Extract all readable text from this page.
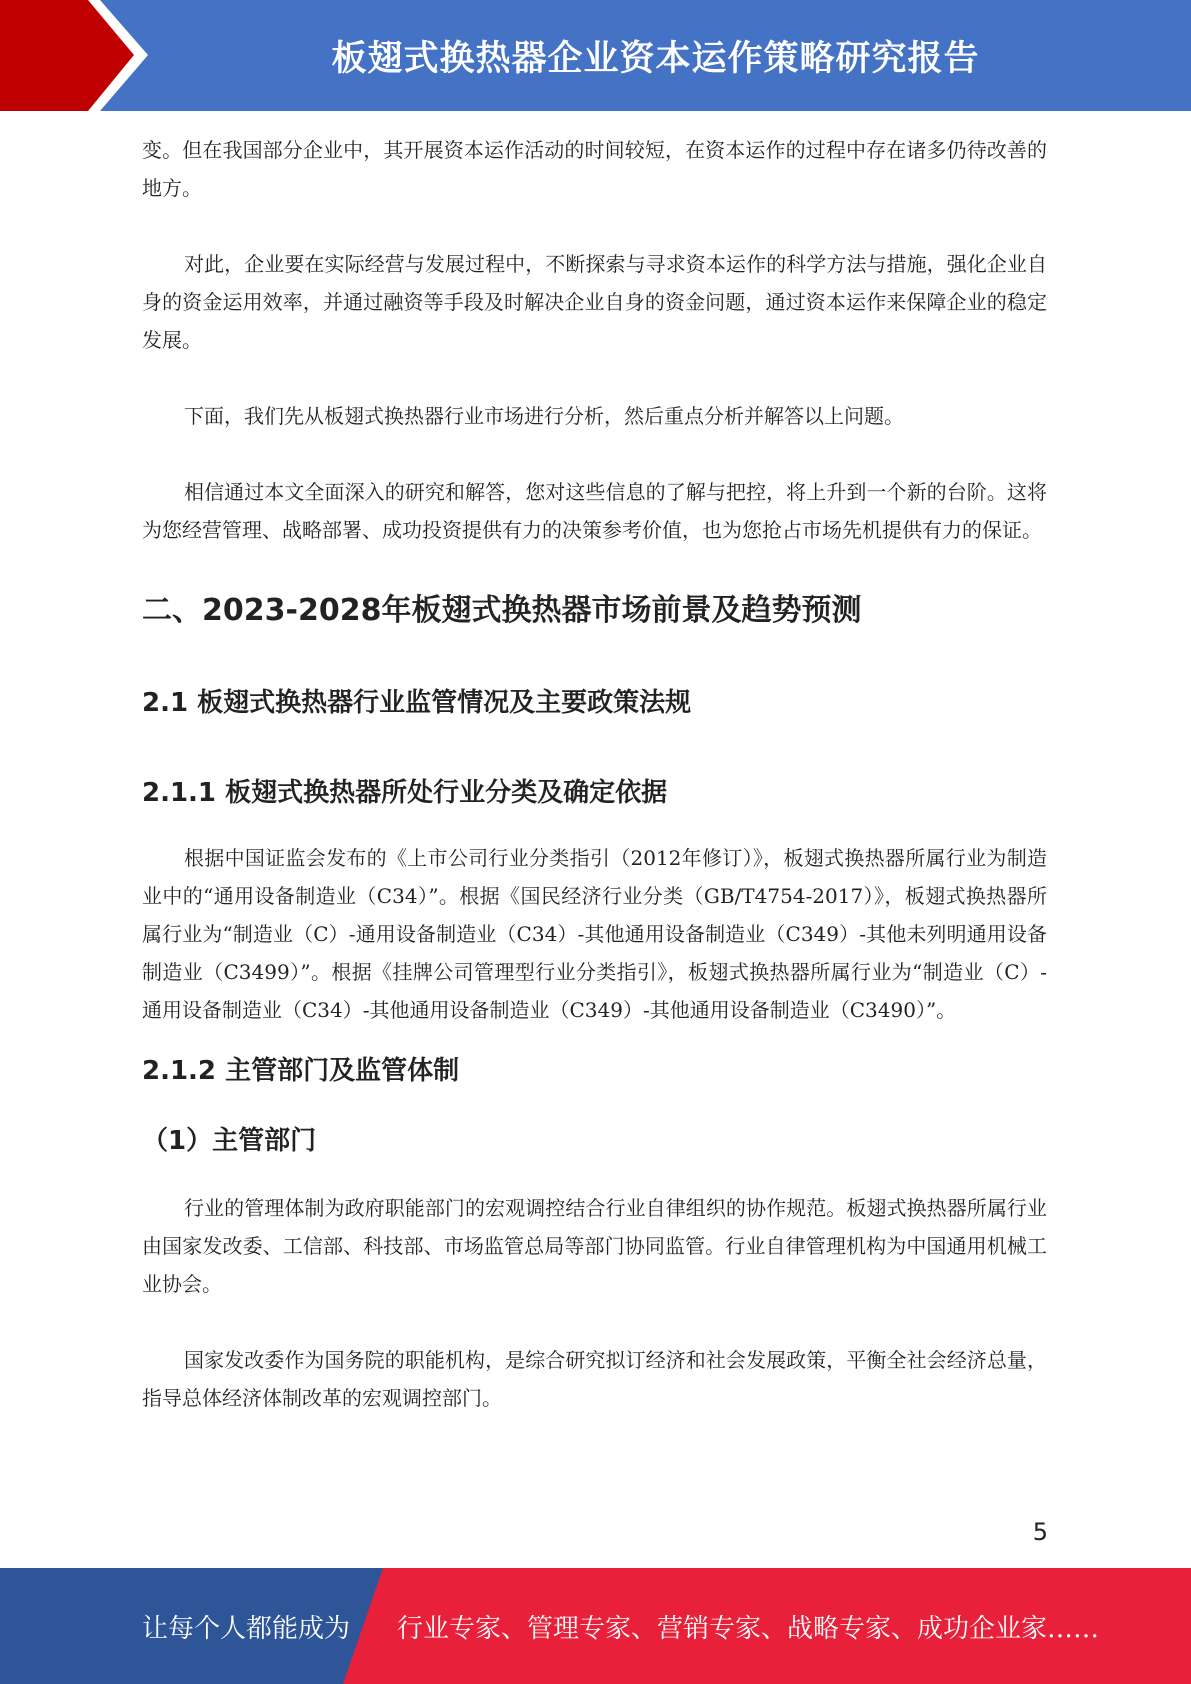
板翅式换热器企业资本运作策略研究报告

变。但在我国部分企业中，其开展资本运作活动的时间较短，在资本运作的过程中存在诸多仍待改善的地方。

对此，企业要在实际经营与发展过程中，不断探索与寻求资本运作的科学方法与措施，强化企业自身的资金运用效率，并通过融资等手段及时解决企业自身的资金问题，通过资本运作来保障企业的稳定发展。

下面，我们先从板翅式换热器行业市场进行分析，然后重点分析并解答以上问题。

相信通过本文全面深入的研究和解答，您对这些信息的了解与把控，将上升到一个新的台阶。这将为您经营管理、战略部署、成功投资提供有力的决策参考价值，也为您抢占市场先机提供有力的保证。

二、2023-2028年板翅式换热器市场前景及趋势预测
2.1 板翅式换热器行业监管情况及主要政策法规
2.1.1 板翅式换热器所处行业分类及确定依据

根据中国证监会发布的《上市公司行业分类指引（2012年修订）》，板翅式换热器所属行业为制造业中的“通用设备制造业（C34）”。根据《国民经济行业分类（GB/T4754-2017）》，板翅式换热器所属行业为“制造业（C）-通用设备制造业（C34）-其他通用设备制造业（C349）-其他未列明通用设备制造业（C3499）”。根据《挂牌公司管理型行业分类指引》，板翅式换热器所属行业为“制造业（C）-通用设备制造业（C34）-其他通用设备制造业（C349）-其他通用设备制造业（C3490）”。

2.1.2 主管部门及监管体制
（1）主管部门

行业的管理体制为政府职能部门的宏观调控结合行业自律组织的协作规范。板翅式换热器所属行业由国家发改委、工信部、科技部、市场监管总局等部门协同监管。行业自律管理机构为中国通用机械工业协会。

国家发改委作为国务院的职能机构，是综合研究拟订经济和社会发展政策，平衡全社会经济总量，指导总体经济体制改革的宏观调控部门。

5
让每个人都能成为 行业专家、管理专家、营销专家、战略专家、成功企业家……
